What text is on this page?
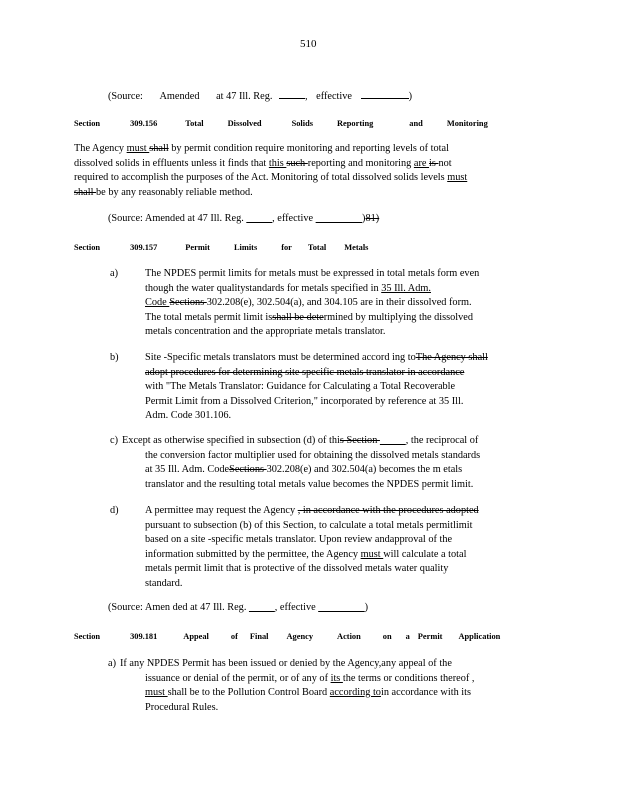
510
(Source: Amended at 47 Ill. Reg.	, effective	)
Section	309.156	Total	Dissolved	Solids	Reporting	and	Monitoring
The Agency must shall by permit condition require monitoring and reporting levels of total
dissolved solids in effluents unless it finds that this such reporting and monitoring are is not
required to accomplish the purposes of the Act. Monitoring of total dissolved solids levels must
shall be by any reasonably reliable method.
(Source: Amended at 47 Ill. Reg. _____, effective _________)81)
Section	309.157	Permit	Limits	for Total Metals
a)	The NPDES permit limits for metals must be expressed in total metals form even
though the water qualitystandards for metals specified in 35 Ill. Adm.
Code Sections 302.208(e), 302.504(a), and 304.105 are in their dissolved form.
The total metals permit limit isshall be determined by multiplying the dissolved
metals concentration and the appropriate metals translator.
b)	Site -Specific metals translators must be determined accord ing toThe Agency shall
adopt procedures for determining site specific metals translator in accordance
with "The Metals Translator: Guidance for Calculating a Total Recoverable
Permit Limit from a Dissolved Criterion," incorporated by reference at 35 Ill.
Adm. Code 301.106.
c) Except as otherwise specified in subsection (d) of this Section _____, the reciprocal of
the conversion factor multiplier used for obtaining the dissolved metals standards
at 35 Ill. Adm. CodeSections 302.208(e) and 302.504(a) becomes the m etals
translator and the resulting total metals value becomes the NPDES permit limit.
d)	A permittee may request the Agency , in accordance with the procedures adopted
pursuant to subsection (b) of this Section, to calculate a total metals permitlimit
based on a site -specific metals translator. Upon review andapproval of the
information submitted by the permittee, the Agency must will calculate a total
metals permit limit that is protective of the dissolved metals water quality
standard.
(Source: Amen ded at 47 Ill. Reg. _____, effective _________)
Section	309.181	Appeal	of Final Agency	Action	on a Permit Application
a) If any NPDES Permit has been issued or denied by the Agency,any appeal of the
issuance or denial of the permit, or of any of its the terms or conditions thereof ,
must shall be to the Pollution Control Board according toin accordance with its
Procedural Rules.
